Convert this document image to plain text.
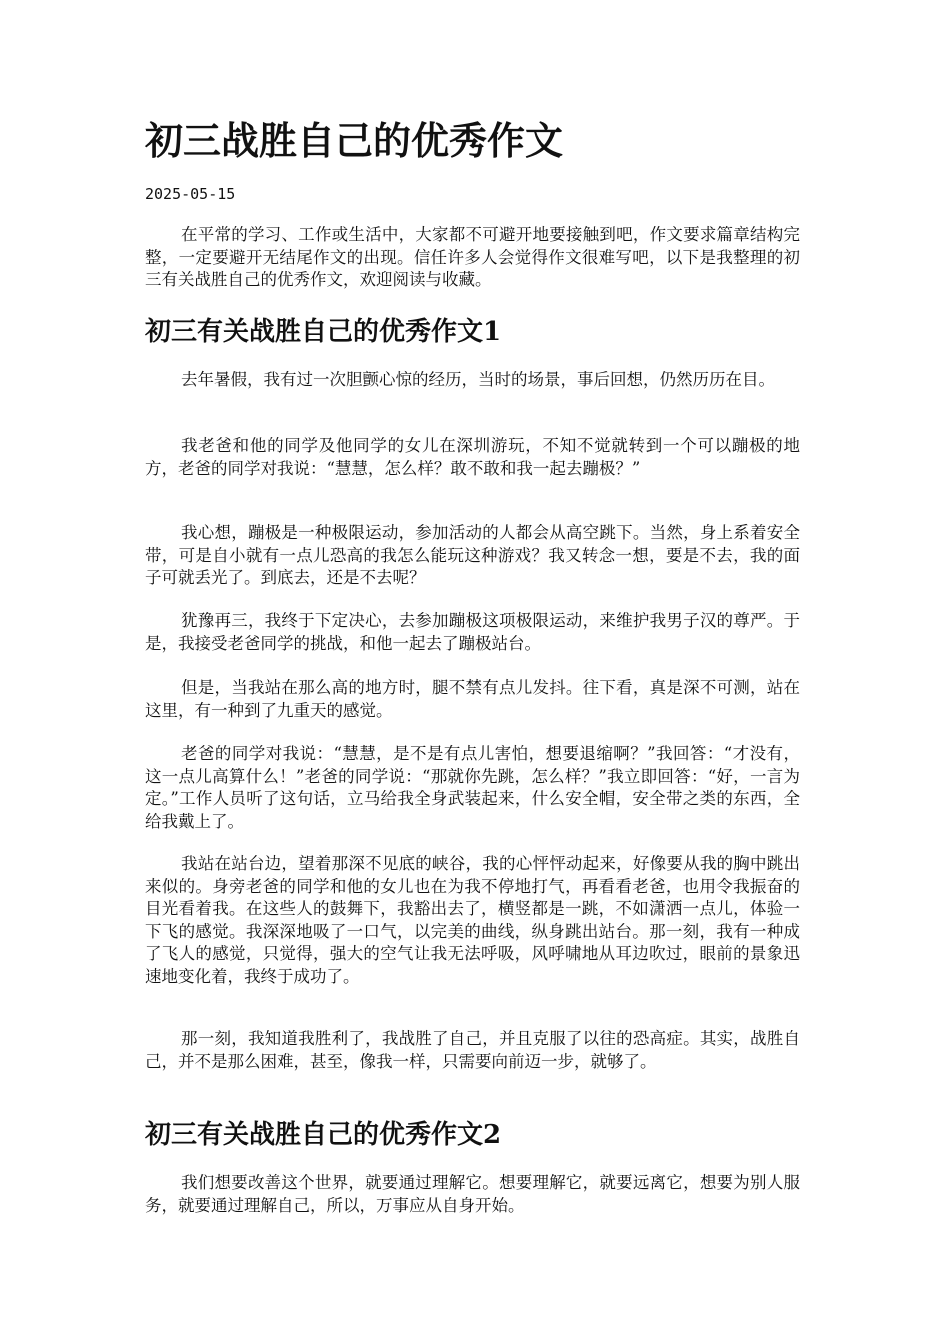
初三战胜自己的优秀作文
2025-05-15

在平常的学习、工作或生活中，大家都不可避开地要接触到吧，作文要求篇章结构完整，一定要避开无结尾作文的出现。信任许多人会觉得作文很难写吧，以下是我整理的初三有关战胜自己的优秀作文，欢迎阅读与收藏。

初三有关战胜自己的优秀作文1

去年暑假，我有过一次胆颤心惊的经历，当时的场景，事后回想，仍然历历在目。

我老爸和他的同学及他同学的女儿在深圳游玩，不知不觉就转到一个可以蹦极的地方，老爸的同学对我说：“慧慧，怎么样？敢不敢和我一起去蹦极？”

我心想，蹦极是一种极限运动，参加活动的人都会从高空跳下。当然，身上系着安全带，可是自小就有一点儿恐高的我怎么能玩这种游戏？我又转念一想，要是不去，我的面子可就丢光了。到底去，还是不去呢？

犹豫再三，我终于下定决心，去参加蹦极这项极限运动，来维护我男子汉的尊严。于是，我接受老爸同学的挑战，和他一起去了蹦极站台。

但是，当我站在那么高的地方时，腿不禁有点儿发抖。往下看，真是深不可测，站在这里，有一种到了九重天的感觉。

老爸的同学对我说：“慧慧，是不是有点儿害怕，想要退缩啊？”我回答：“才没有，这一点儿高算什么！”老爸的同学说：“那就你先跳，怎么样？”我立即回答：“好，一言为定。”工作人员听了这句话，立马给我全身武装起来，什么安全帽，安全带之类的东西，全给我戴上了。

我站在站台边，望着那深不见底的峡谷，我的心怦怦动起来，好像要从我的胸中跳出来似的。身旁老爸的同学和他的女儿也在为我不停地打气，再看看老爸，也用令我振奋的目光看着我。在这些人的鼓舞下，我豁出去了，横竖都是一跳，不如潇洒一点儿，体验一下飞的感觉。我深深地吸了一口气，以完美的曲线，纵身跳出站台。那一刻，我有一种成了飞人的感觉，只觉得，强大的空气让我无法呼吸，风呼啸地从耳边吹过，眼前的景象迅速地变化着，我终于成功了。

那一刻，我知道我胜利了，我战胜了自己，并且克服了以往的恐高症。其实，战胜自己，并不是那么困难，甚至，像我一样，只需要向前迈一步，就够了。

初三有关战胜自己的优秀作文2

我们想要改善这个世界，就要通过理解它。想要理解它，就要远离它，想要为别人服务，就要通过理解自己，所以，万事应从自身开始。
